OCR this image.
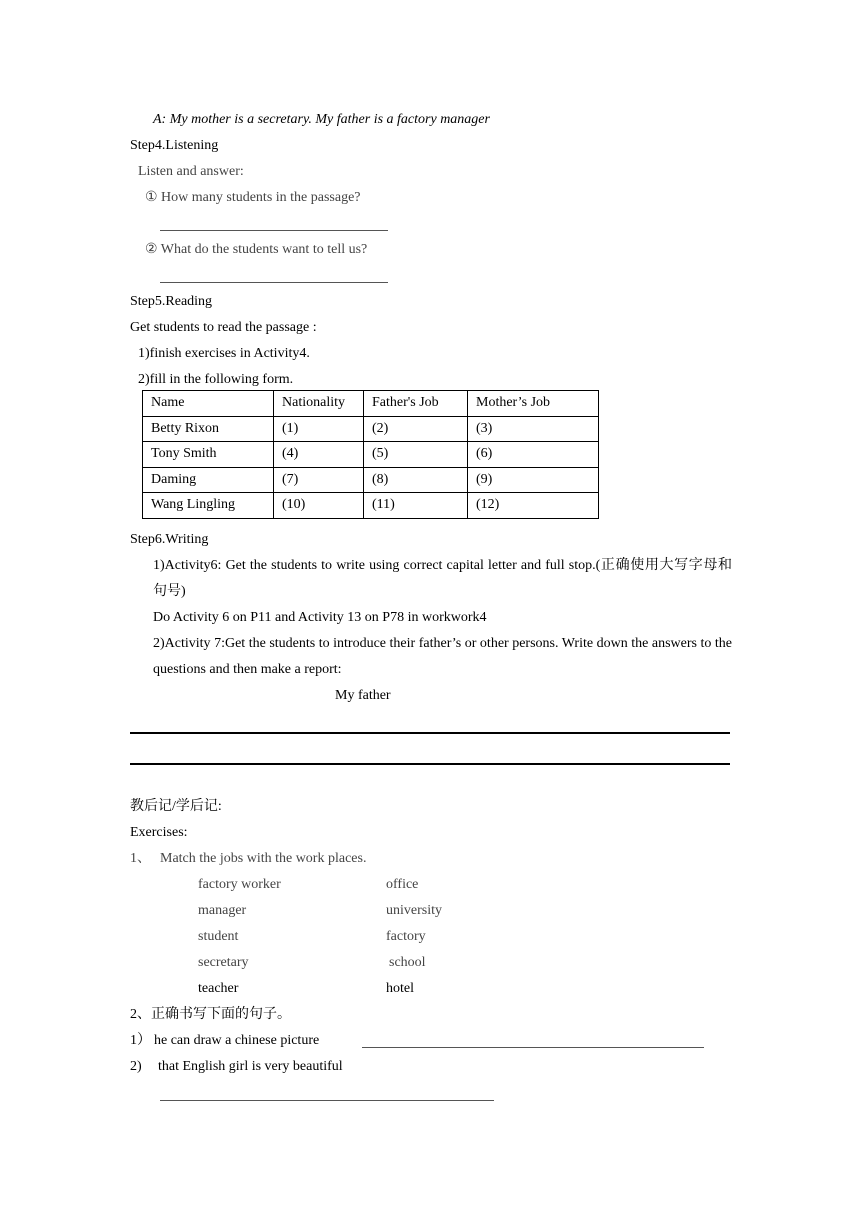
A: My mother is a secretary. My father is a factory manager
Step4.Listening
Listen and answer:
① How many students in the passage?
② What do the students want to tell us?
Step5.Reading
Get students to read the passage :
1)finish exercises in Activity4.
2)fill in the following form.
Name	Nationality	Father's Job	Mother’s Job
Betty Rixon	(1)	(2)	(3)
Tony Smith	(4)	(5)	(6)
Daming	(7)	(8)	(9)
Wang Lingling	(10)	(11)	(12)
Step6.Writing
1)Activity6: Get the students to write using correct capital letter and full stop.(正确使用大写字母和句号)
Do Activity 6 on P11 and Activity 13 on P78 in workwork4
2)Activity 7:Get the students to introduce their father’s or other persons. Write down the answers to the questions and then make a report:
My father
教后记/学后记:
Exercises:
1、 Match the jobs with the work places.
factory worker	office
manager	university
student	factory
secretary	school
teacher	hotel
2、正确书写下面的句子。
1） he can draw a chinese picture
2) that English girl is very beautiful
